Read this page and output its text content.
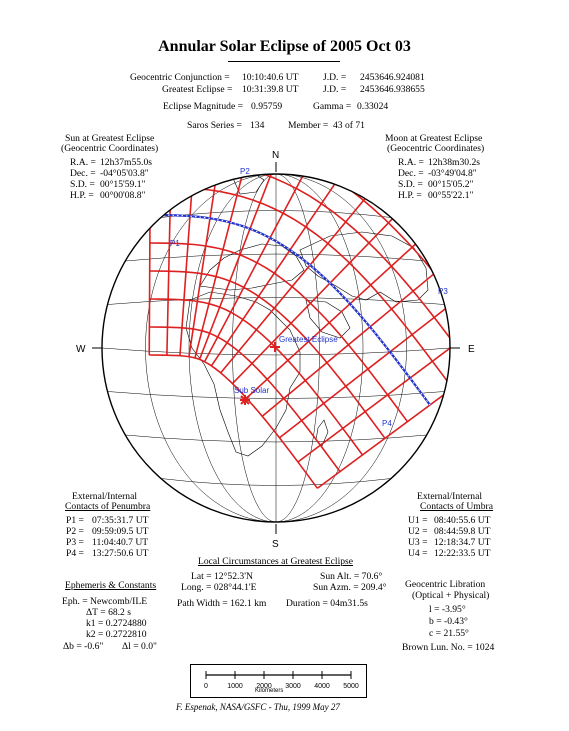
Annular Solar Eclipse of 2005 Oct 03
Geocentric Conjunction = 10:10:40.6 UT	J.D. = 2453646.924081
Greatest Eclipse = 10:31:39.8 UT	J.D. = 2453646.938655
Eclipse Magnitude = 0.95759	Gamma = 0.33024
Saros Series = 134 Member = 43 of 71
Sun at Greatest Eclipse
(Geocentric Coordinates)
R.A. = 12h37m55.0s
Dec. = -04°05'03.8"
S.D. = 00°15'59.1"
H.P. = 00°00'08.8"
Moon at Greatest Eclipse
(Geocentric Coordinates)
R.A. = 12h38m30.2s
Dec. = -03°49'04.8"
S.D. = 00°15'05.2"
H.P. = 00°55'22.1"
N
S
W	E
P2
P1
P3
P4
Greatest Eclipse
Sub Solar
External/Internal
Contacts of Penumbra
P1 = 07:35:31.7 UT
P2 = 09:59:09.5 UT
P3 = 11:04:40.7 UT
P4 = 13:27:50.6 UT
External/Internal
Contacts of Umbra
U1 = 08:40:55.6 UT
U2 = 08:44:59.8 UT
U3 = 12:18:34.7 UT
U4 = 12:22:33.5 UT
Local Circumstances at Greatest Eclipse
Lat = 12°52.3'N
Long. = 028°44.1'E
Path Width = 162.1 km
Sun Alt. = 70.6°
Sun Azm. = 209.4°
Duration = 04m31.5s
Ephemeris & Constants
Eph. = Newcomb/ILE
ΔT = 68.2 s
k1 = 0.2724880
k2 = 0.2722810
Δb = -0.6" Δl = 0.0"
Geocentric Libration
(Optical + Physical)
l = -3.95°
b = -0.43°
c = 21.55°
Brown Lun. No. = 1024
0	1000 2000 3000 4000 5000
Kilometers
F. Espenak, NASA/GSFC - Thu, 1999 May 27
